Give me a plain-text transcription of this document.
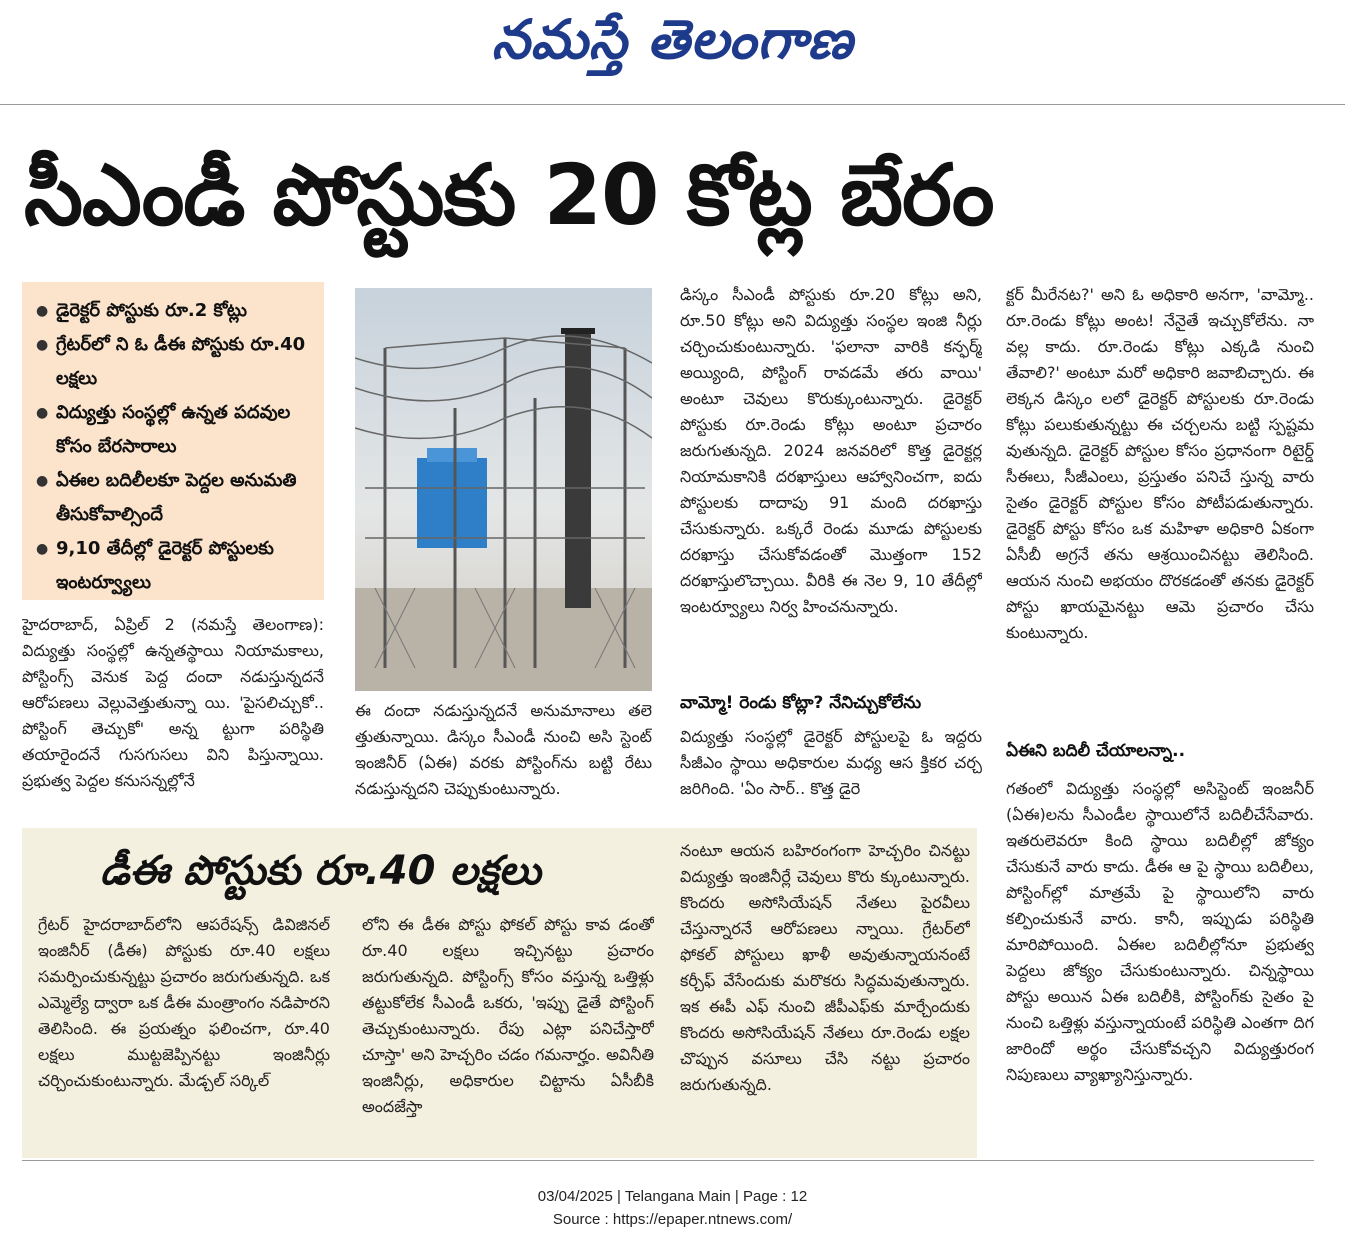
నమస్తే తెలంగాణ
సీఎండీ పోస్టుకు 20 కోట్ల బేరం
● డైరెక్టర్ పోస్టుకు రూ.2 కోట్లు
● గ్రేటర్‌లో ని ఓ డీఈ పోస్టుకు రూ.40 లక్షలు
● విద్యుత్తు సంస్థల్లో ఉన్నత పదవుల కోసం బేరసారాలు
● ఏఈల బదిలీలకూ పెద్దల అనుమతి తీసుకోవాల్సిందే
● 9,10 తేదీల్లో డైరెక్టర్ పోస్టులకు ఇంటర్వ్యూలు
హైదరాబాద్, ఏప్రిల్ 2 (నమస్తే తెలంగాణ): విద్యుత్తు సంస్థల్లో ఉన్నతస్థాయి నియామకాలు, పోస్టింగ్స్ వెనుక పెద్ద దందా నడుస్తున్నదనే ఆరోపణలు వెల్లువెత్తుతున్నా యి. 'పైసలిచ్చుకో.. పోస్టింగ్ తెచ్చుకో' అన్న ట్టుగా పరిస్థితి తయారైందనే గుసగుసలు విని పిస్తున్నాయి. ప్రభుత్వ పెద్దల కనుసన్నల్లోనే
ఈ దందా నడుస్తున్నదనే అనుమానాలు తలె త్తుతున్నాయి. డిస్కం సీఎండీ నుంచి అసి స్టెంట్ ఇంజినీర్ (ఏఈ) వరకు పోస్టింగ్‌ను బట్టి రేటు నడుస్తున్నదని చెప్పుకుంటున్నారు.
డిస్కం సీఎండీ పోస్టుకు రూ.20 కోట్లు అని, రూ.50 కోట్లు అని విద్యుత్తు సంస్థల ఇంజి నీర్లు చర్చించుకుంటున్నారు. 'ఫలానా వారికి కన్ఫర్మ్ అయ్యింది, పోస్టింగ్ రావడమే తరు వాయి' అంటూ చెవులు కొరుక్కుంటున్నారు. డైరెక్టర్ పోస్టుకు రూ.రెండు కోట్లు అంటూ ప్రచారం జరుగుతున్నది. 2024 జనవరిలో కొత్త డైరెక్టర్ల నియామకానికి దరఖాస్తులు ఆహ్వానించగా, ఐదు పోస్టులకు దాదాపు 91 మంది దరఖాస్తు చేసుకున్నారు. ఒక్కరే రెండు మూడు పోస్టులకు దరఖాస్తు చేసుకోవడంతో మొత్తంగా 152 దరఖాస్తులొచ్చాయి. వీరికి ఈ నెల 9, 10 తేదీల్లో ఇంటర్వ్యూలు నిర్వ హించనున్నారు.
వామ్మో! రెండు కోట్లా? నేనిచ్చుకోలేను
విద్యుత్తు సంస్థల్లో డైరెక్టర్ పోస్టులపై ఓ ఇద్దరు సీజీఎం స్థాయి అధికారుల మధ్య ఆస క్తికర చర్చ జరిగింది. 'ఏం సార్.. కొత్త డైరె
క్టర్ మీరేనట?' అని ఓ అధికారి అనగా, 'వామ్మో.. రూ.రెండు కోట్లు అంట! నేనైతే ఇచ్చుకోలేను. నా వల్ల కాదు. రూ.రెండు కోట్లు ఎక్కడి నుంచి తేవాలి?' అంటూ మరో అధికారి జవాబిచ్చారు. ఈ లెక్కన డిస్కం లలో డైరెక్టర్ పోస్టులకు రూ.రెండు కోట్లు పలుకుతున్నట్టు ఈ చర్చలను బట్టి స్పష్టమ వుతున్నది. డైరెక్టర్ పోస్టుల కోసం ప్రధానంగా రిటైర్డ్ సీఈలు, సీజీఎంలు, ప్రస్తుతం పనిచే స్తున్న వారు సైతం డైరెక్టర్ పోస్టుల కోసం పోటీపడుతున్నారు. డైరెక్టర్ పోస్టు కోసం ఒక మహిళా అధికారి ఏకంగా ఏసీబీ అగ్రనే తను ఆశ్రయించినట్టు తెలిసింది. ఆయన నుంచి అభయం దొరకడంతో తనకు డైరెక్టర్ పోస్టు ఖాయమైనట్టు ఆమె ప్రచారం చేసు కుంటున్నారు.
ఏఈని బదిలీ చేయాలన్నా..
గతంలో విద్యుత్తు సంస్థల్లో అసిస్టెంట్ ఇంజనీర్ (ఏఈ)లను సీఎండీల స్థాయిలోనే బదిలీచేసేవారు. ఇతరులెవరూ కింది స్థాయి బదిలీల్లో జోక్యం చేసుకునే వారు కాదు. డీఈ ఆ పై స్థాయి బదిలీలు, పోస్టింగ్‌ల్లో మాత్రమే పై స్థాయిలోని వారు కల్పించుకునే వారు. కానీ, ఇప్పుడు పరిస్థితి మారిపోయింది. ఏఈల బదిలీల్లోనూ ప్రభుత్వ పెద్దలు జోక్యం చేసుకుంటున్నారు. చిన్నస్థాయి పోస్టు అయిన ఏఈ బదిలీకి, పోస్టింగ్‌కు సైతం పై నుంచి ఒత్తిళ్లు వస్తున్నాయంటే పరిస్థితి ఎంతగా దిగ జారిందో అర్థం చేసుకోవచ్చని విద్యుత్తురంగ నిపుణులు వ్యాఖ్యానిస్తున్నారు.
డీఈ పోస్టుకు రూ.40 లక్షలు
గ్రేటర్ హైదరాబాద్‌లోని ఆపరేషన్స్ డివిజినల్ ఇంజినీర్ (డీఈ) పోస్టుకు రూ.40 లక్షలు సమర్పించుకున్నట్టు ప్రచారం జరుగుతున్నది. ఒక ఎమ్మెల్యే ద్వారా ఒక డీఈ మంత్రాంగం నడిపారని తెలిసింది. ఈ ప్రయత్నం ఫలించగా, రూ.40 లక్షలు ముట్టజెప్పినట్టు ఇంజినీర్లు చర్చించుకుంటున్నారు. మేడ్చల్ సర్కిల్
లోని ఈ డీఈ పోస్టు ఫోకల్ పోస్టు కావ డంతో రూ.40 లక్షలు ఇచ్చినట్టు ప్రచారం జరుగుతున్నది. పోస్టింగ్స్ కోసం వస్తున్న ఒత్తిళ్లు తట్టుకోలేక సీఎండీ ఒకరు, 'ఇప్పు డైతే పోస్టింగ్ తెచ్చుకుంటున్నారు. రేపు ఎట్లా పనిచేస్తారో చూస్తా' అని హెచ్చరిం చడం గమనార్హం. అవినీతి ఇంజినీర్లు, అధికారుల చిట్టాను ఏసీబీకి అందజేస్తా
నంటూ ఆయన బహిరంగంగా హెచ్చరిం చినట్టు విద్యుత్తు ఇంజినీర్లే చెవులు కొరు క్కుంటున్నారు. కొందరు అసోసియేషన్ నేతలు పైరవీలు చేస్తున్నారనే ఆరోపణలు న్నాయి. గ్రేటర్‌లో ఫోకల్ పోస్టులు ఖాళీ అవుతున్నాయనంటే కర్చీఫ్ వేసేందుకు మరొకరు సిద్ధమవుతున్నారు. ఇక ఈపీ ఎఫ్ నుంచి జీపీఎఫ్‌కు మార్చేందుకు కొందరు అసోసియేషన్ నేతలు రూ.రెండు లక్షల చొప్పున వసూలు చేసి నట్టు ప్రచారం జరుగుతున్నది.
03/04/2025 | Telangana Main | Page : 12
Source : https://epaper.ntnews.com/
